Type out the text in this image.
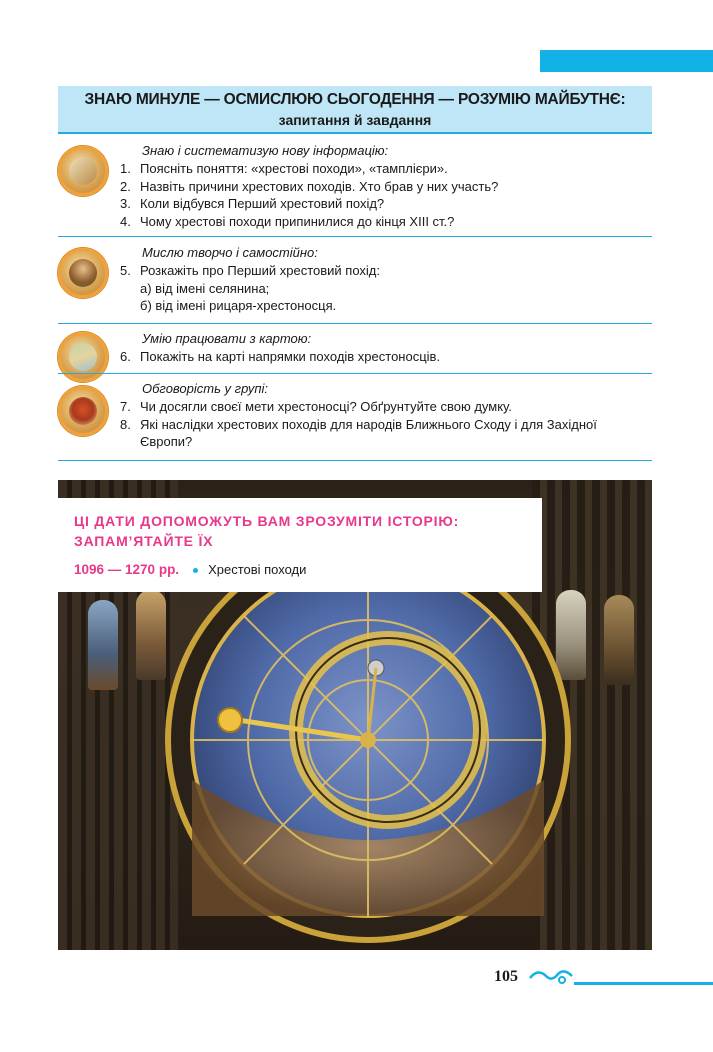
ЗНАЮ МИНУЛЕ — ОСМИСЛЮЮ СЬОГОДЕННЯ — РОЗУМІЮ МАЙБУТНЄ:
запитання й завдання
Знаю і систематизую нову інформацію:
1. Поясніть поняття: «хрестові походи», «тамплієри».
2. Назвіть причини хрестових походів. Хто брав у них участь?
3. Коли відбувся Перший хрестовий похід?
4. Чому хрестові походи припинилися до кінця XIII ст.?
Мислю творчо і самостійно:
5. Розкажіть про Перший хрестовий похід:
а) від імені селянина;
б) від імені рицаря-хрестоносця.
Умію працювати з картою:
6. Покажіть на карті напрямки походів хрестоносців.
Обговорість у групі:
7. Чи досягли своєї мети хрестоносці? Обґрунтуйте свою думку.
8. Які наслідки хрестових походів для народів Ближнього Сходу і для Західної Європи?
ЦІ ДАТИ ДОПОМОЖУТЬ ВАМ ЗРОЗУМІТИ ІСТОРІЮ:
ЗАПАМ’ЯТАЙТЕ ЇХ
1096 — 1270 рр. Хрестові походи
105
